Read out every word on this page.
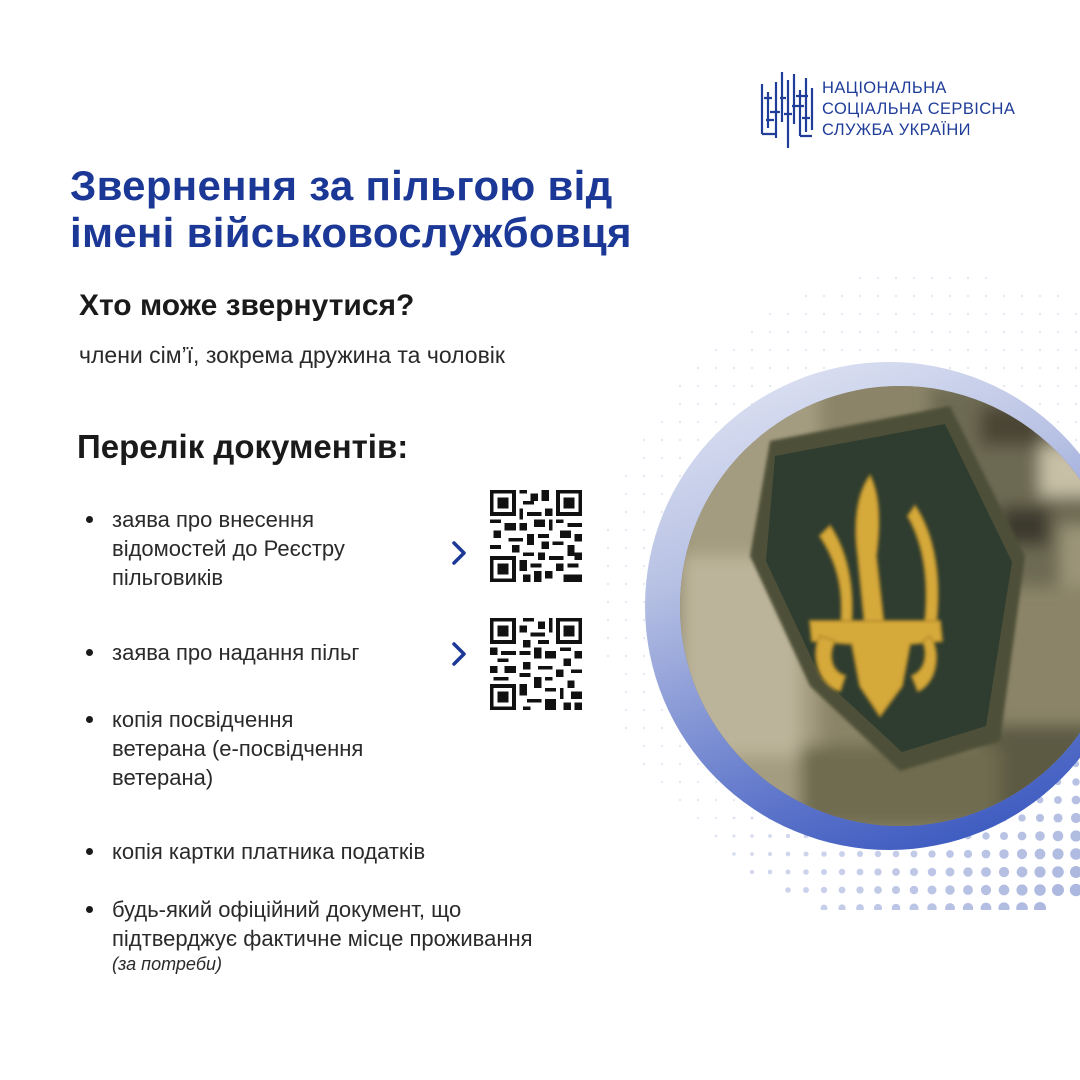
НАЦІОНАЛЬНА
СОЦІАЛЬНА СЕРВІСНА
СЛУЖБА УКРАЇНИ
Звернення за пільгою від
імені військовослужбовця
Хто може звернутися?
члени сім’ї, зокрема дружина та чоловік
Перелік документів:
заява про внесення
відомостей до Реєстру
пільговиків
заява про надання пільг
копія посвідчення
ветерана (е-посвідчення
ветерана)
копія картки платника податків
будь-який офіційний документ, що
підтверджує фактичне місце проживання
(за потреби)
